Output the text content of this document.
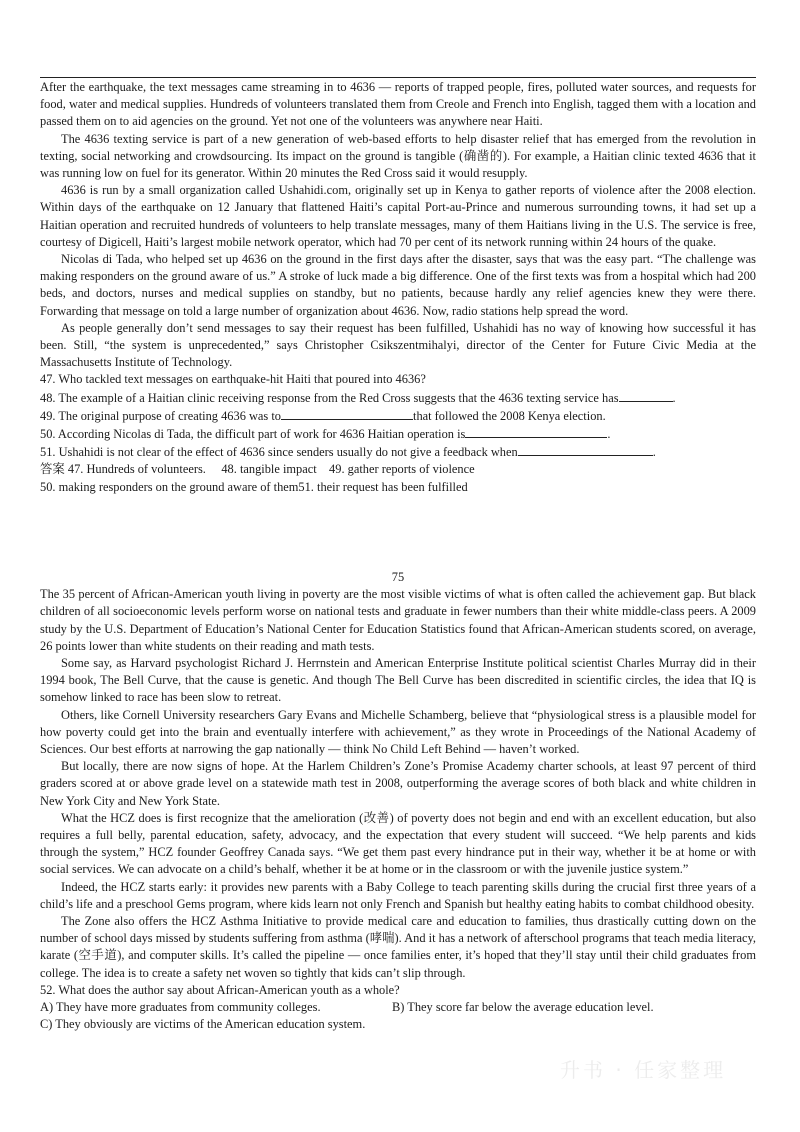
After the earthquake, the text messages came streaming in to 4636 — reports of trapped people, fires, polluted water sources, and requests for food, water and medical supplies. Hundreds of volunteers translated them from Creole and French into English, tagged them with a location and passed them on to aid agencies on the ground. Yet not one of the volunteers was anywhere near Haiti.

The 4636 texting service is part of a new generation of web-based efforts to help disaster relief that has emerged from the revolution in texting, social networking and crowdsourcing. Its impact on the ground is tangible (确凿的). For example, a Haitian clinic texted 4636 that it was running low on fuel for its generator. Within 20 minutes the Red Cross said it would resupply.

4636 is run by a small organization called Ushahidi.com, originally set up in Kenya to gather reports of violence after the 2008 election. Within days of the earthquake on 12 January that flattened Haiti’s capital Port-au-Prince and numerous surrounding towns, it had set up a Haitian operation and recruited hundreds of volunteers to help translate messages, many of them Haitians living in the U.S. The service is free, courtesy of Digicell, Haiti’s largest mobile network operator, which had 70 per cent of its network running within 24 hours of the quake.

Nicolas di Tada, who helped set up 4636 on the ground in the first days after the disaster, says that was the easy part. “The challenge was making responders on the ground aware of us.” A stroke of luck made a big difference. One of the first texts was from a hospital which had 200 beds, and doctors, nurses and medical supplies on standby, but no patients, because hardly any relief agencies knew they were there. Forwarding that message on told a large number of organization about 4636. Now, radio stations help spread the word.

As people generally don’t send messages to say their request has been fulfilled, Ushahidi has no way of knowing how successful it has been. Still, “the system is unprecedented,” says Christopher Csikszentmihalyi, director of the Center for Future Civic Media at the Massachusetts Institute of Technology.

47. Who tackled text messages on earthquake-hit Haiti that poured into 4636?

48. The example of a Haitian clinic receiving response from the Red Cross suggests that the 4636 texting service has	.

49. The original purpose of creating 4636 was to	that followed the 2008 Kenya election.

50. According Nicolas di Tada, the difficult part of work for 4636 Haitian operation is	.

51. Ushahidi is not clear of the effect of 4636 since senders usually do not give a feedback when	.

答案 47. Hundreds of volunteers.     48. tangible impact    49. gather reports of violence

50. making responders on the ground aware of them51. their request has been fulfilled

75

The 35 percent of African-American youth living in poverty are the most visible victims of what is often called the achievement gap. But black children of all socioeconomic levels perform worse on national tests and graduate in fewer numbers than their white middle-class peers. A 2009 study by the U.S. Department of Education’s National Center for Education Statistics found that African-American students scored, on average, 26 points lower than white students on their reading and math tests.

Some say, as Harvard psychologist Richard J. Herrnstein and American Enterprise Institute political scientist Charles Murray did in their 1994 book, The Bell Curve, that the cause is genetic. And though The Bell Curve has been discredited in scientific circles, the idea that IQ is somehow linked to race has been slow to retreat.

Others, like Cornell University researchers Gary Evans and Michelle Schamberg, believe that “physiological stress is a plausible model for how poverty could get into the brain and eventually interfere with achievement,” as they wrote in Proceedings of the National Academy of Sciences. Our best efforts at narrowing the gap nationally — think No Child Left Behind — haven’t worked.

But locally, there are now signs of hope. At the Harlem Children’s Zone’s Promise Academy charter schools, at least 97 percent of third graders scored at or above grade level on a statewide math test in 2008, outperforming the average scores of both black and white children in New York City and New York State.

What the HCZ does is first recognize that the amelioration (改善) of poverty does not begin and end with an excellent education, but also requires a full belly, parental education, safety, advocacy, and the expectation that every student will succeed. “We help parents and kids through the system,” HCZ founder Geoffrey Canada says. “We get them past every hindrance put in their way, whether it be at home or with social services. We can advocate on a child’s behalf, whether it be at home or in the classroom or with the juvenile justice system.”

Indeed, the HCZ starts early: it provides new parents with a Baby College to teach parenting skills during the crucial first three years of a child’s life and a preschool Gems program, where kids learn not only French and Spanish but healthy eating habits to combat childhood obesity.

The Zone also offers the HCZ Asthma Initiative to provide medical care and education to families, thus drastically cutting down on the number of school days missed by students suffering from asthma (哮喘). And it has a network of afterschool programs that teach media literacy, karate (空手道), and computer skills. It’s called the pipeline — once families enter, it’s hoped that they’ll stay until their child graduates from college. The idea is to create a safety net woven so tightly that kids can’t slip through.

52. What does the author say about African-American youth as a whole?

A) They have more graduates from community colleges.	B) They score far below the average education level.

C) They obviously are victims of the American education system.

升书 · 任家整理
